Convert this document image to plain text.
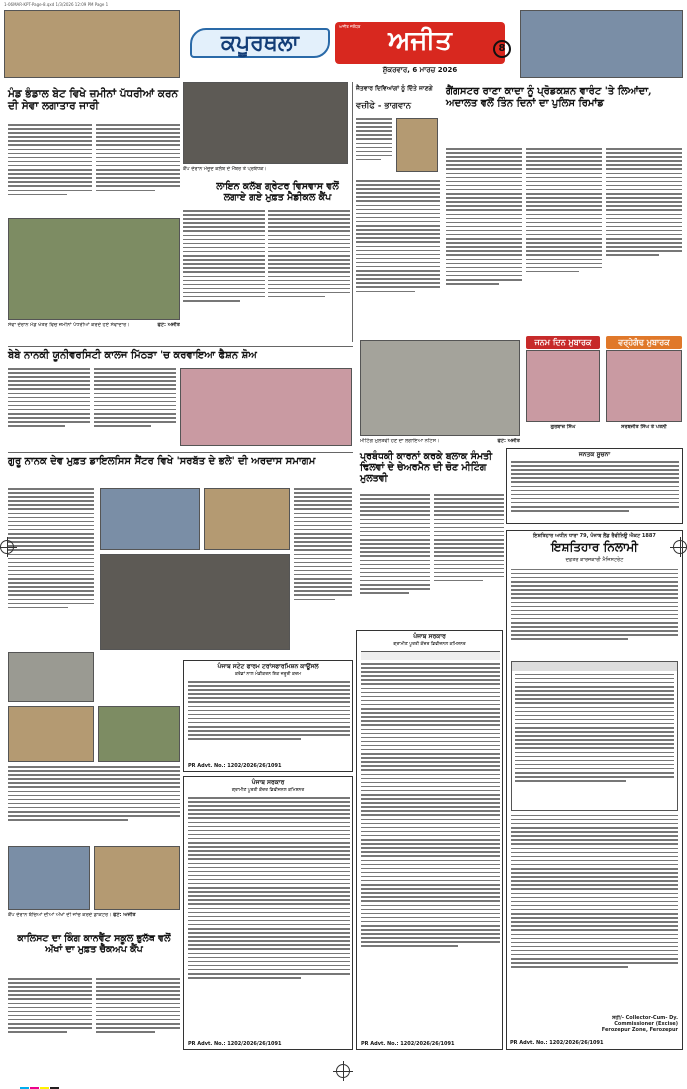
1-06MAR-KPT-Page-8.qxd 1/3/2026 12:09 PM Page 1
ਕਪੂਰਥਲਾ
ਅਜੀਤ ਜਲੰਧਰ	ਅਜੀਤ
ਸ਼ੁੱਕਰਵਾਰ, 6 ਮਾਰਚ 2026
8
ਮੰਡ ਭੰਡਾਲ ਬੇਟ ਵਿਖੇ ਜ਼ਮੀਨਾਂ ਪੱਧਰੀਆਂ ਕਰਨ ਦੀ ਸੇਵਾ ਲਗਾਤਾਰ ਜਾਰੀ
ਸੇਵਾ ਦੌਰਾਨ ਮੰਡ ਖੇਤਰ ਵਿਚ ਜ਼ਮੀਨਾਂ ਪੱਧਰੀਆਂ ਕਰਦੇ ਹੋਏ ਸੇਵਾਦਾਰ।	ਫੋਟੋ: ਅਜੀਤ
ਕੈਂਪ ਦੌਰਾਨ ਮੌਜੂਦ ਕਲੱਬ ਦੇ ਮੈਂਬਰ ਤੇ ਪ੍ਰਬੰਧਕ।
ਲਾਇਨ ਕਲੱਬ ਗ੍ਰੇਟਰ ਵਿਸਵਾਸ ਵਲੋਂ ਲਗਾਏ ਗਏ ਮੁਫ਼ਤ ਮੈਡੀਕਲ ਕੈਂਪ
ਜੈਤਵਾਰ ਦਿਵਿਆਂਗਾਂ ਨੂੰ ਦਿੱਤੇ ਜਾਣਗੇ
ਵਜ਼ੀਫੇ - ਭਾਗਵਾਨ
ਗੈਂਗਸਟਰ ਰਾਣਾ ਕਾਦਾ ਨੂੰ ਪ੍ਰੋਡਕਸ਼ਨ ਵਾਰੰਟ 'ਤੇ ਲਿਆਂਦਾ, ਅਦਾਲਤ ਵਲੋਂ ਤਿੰਨ ਦਿਨਾਂ ਦਾ ਪੁਲਿਸ ਰਿਮਾਂਡ
ਮੀਟਿੰਗ ਮੁਲਤਵੀ ਹੋਣ ਦਾ ਲਗਾਇਆ ਨੋਟਿਸ।	ਫੋਟੋ: ਅਜੀਤ
ਜਨਮ ਦਿਨ ਮੁਬਾਰਕ
ਗੁਰਬਾਜ਼ ਸਿੰਘ
ਵਰ੍ਹੇਗੰਢ ਮੁਬਾਰਕ
ਸਰਬਜੀਤ ਸਿੰਘ ਤੇ ਪਤਨੀ
ਜਨਤਕ ਸੂਚਨਾ
ਬੇਬੇ ਨਾਨਕੀ ਯੂਨੀਵਰਸਿਟੀ ਕਾਲਜ ਮਿੱਠੜਾ 'ਚ ਕਰਵਾਇਆ ਫੈਸ਼ਨ ਸ਼ੋਅ
ਗੁਰੂ ਨਾਨਕ ਦੇਵ ਮੁਫ਼ਤ ਡਾਇਲਸਿਸ ਸੈਂਟਰ ਵਿਖੇ 'ਸਰਬੱਤ ਦੇ ਭਲੇ' ਦੀ ਅਰਦਾਸ ਸਮਾਗਮ	ਪ੍ਰਬੰਧਕੀ ਕਾਰਨਾਂ ਕਰਕੇ ਬਲਾਕ ਸੰਮਤੀ ਢਿਲਵਾਂ ਦੇ ਚੇਅਰਮੈਨ ਦੀ ਚੋਣ ਮੀਟਿੰਗ ਮੁਲਤਵੀ
ਇਸ਼ਤਿਹਾਰ ਅਧੀਨ ਧਾਰਾ 79, ਪੰਜਾਬ ਲੈਂਡ ਰੈਵੀਨਿਊ ਐਕਟ 1887
ਇਸ਼ਤਿਹਾਰ ਨਿਲਾਮੀ
ਦਫ਼ਤਰ ਕਾਰਜਕਾਰੀ ਮੈਜਿਸਟਰੇਟ
ਸਹੀ/- Collector-Cum- Dy. Commissioner (Excise) Ferozepur Zone, Ferozepur
PR Advt. No.: 1202/2026/26/1091
ਪੰਜਾਬ ਸਟੇਟ ਫਾਰਮ ਟਰਾਂਸਫਾਰਮਿਸ਼ਨ ਕਾਊਂਸਲ
ਕਰੋਡਾਂ ਨਾਲ ਮੰਡੀਕਰਨ ਇਕ ਜ਼ਰੂਰੀ ਕਦਮ
PR Advt. No.: 1202/2026/26/1091
ਪੰਜਾਬ ਸਰਕਾਰ
ਗ੍ਰਾਮੀਣ ਪੂਰਤੀ ਕੇਂਦਰ ਡਿਵੀਜ਼ਨਲ ਕਮਿਸ਼ਨਰ
PR Advt. No.: 1202/2026/26/1091
ਪੰਜਾਬ ਸਰਕਾਰ
ਗ੍ਰਾਮੀਣ ਪੂਰਤੀ ਕੇਂਦਰ ਡਿਵੀਜ਼ਨਲ ਕਮਿਸ਼ਨਰ
PR Advt. No.: 1202/2026/26/1091
ਕੈਂਪ ਦੌਰਾਨ ਬੱਚਿਆਂ ਦੀਆਂ ਅੱਖਾਂ ਦੀ ਜਾਂਚ ਕਰਦੇ ਡਾਕਟਰ। ਫੋਟੋ: ਅਜੀਤ
ਕਾਲਿਸਟ ਦਾ ਕਿੰਗ ਕਾਨਵੈਂਟ ਸਕੂਲ ਭੁਲੱਥ ਵਲੋਂ ਅੱਖਾਂ ਦਾ ਮੁਫ਼ਤ ਚੈੱਕਅਪ ਕੈਂਪ
